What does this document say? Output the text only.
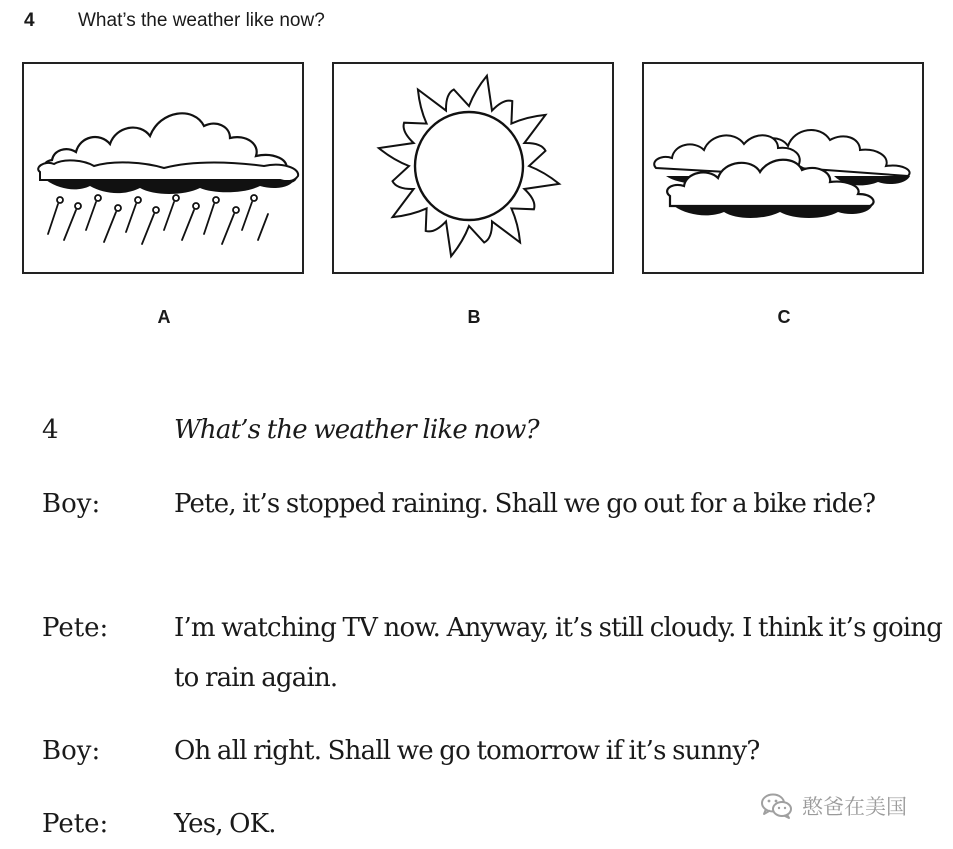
4 What’s the weather like now?
A	B	C
4	What’s the weather like now?
Boy:	Pete, it’s stopped raining. Shall we go out for a bike ride?
Pete:	I’m watching TV now. Anyway, it’s still cloudy. I think it’s going to rain again.
Boy:	Oh all right. Shall we go tomorrow if it’s sunny?
Pete:	Yes, OK.
憨爸在美国
